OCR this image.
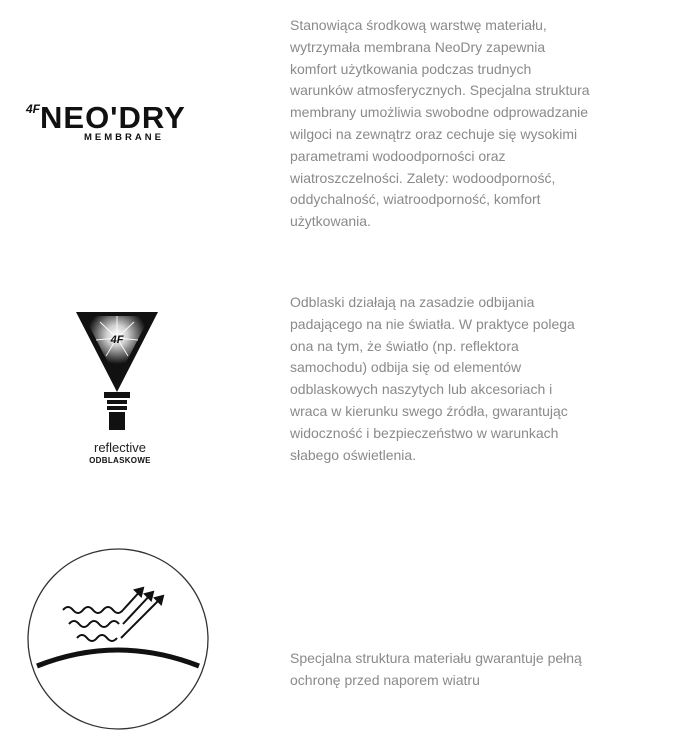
4F NEO'DRY
MEMBRANE

Stanowiąca środkową warstwę materiału, wytrzymała membrana NeoDry zapewnia komfort użytkowania podczas trudnych warunków atmosferycznych. Specjalna struktura membrany umożliwia swobodne odprowadzanie wilgoci na zewnątrz oraz cechuje się wysokimi parametrami wodoodporności oraz wiatroszczelności. Zalety: wodoodporność, oddychalność, wiatroodporność, komfort użytkowania.

4F
reflective
ODBLASKOWE

Odblaski działają na zasadzie odbijania padającego na nie światła. W praktyce polega ona na tym, że światło (np. reflektora samochodu) odbija się od elementów odblaskowych naszytych lub akcesoriach i wraca w kierunku swego źródła, gwarantując widoczność i bezpieczeństwo w warunkach słabego oświetlenia.

Specjalna struktura materiału gwarantuje pełną ochronę przed naporem wiatru
